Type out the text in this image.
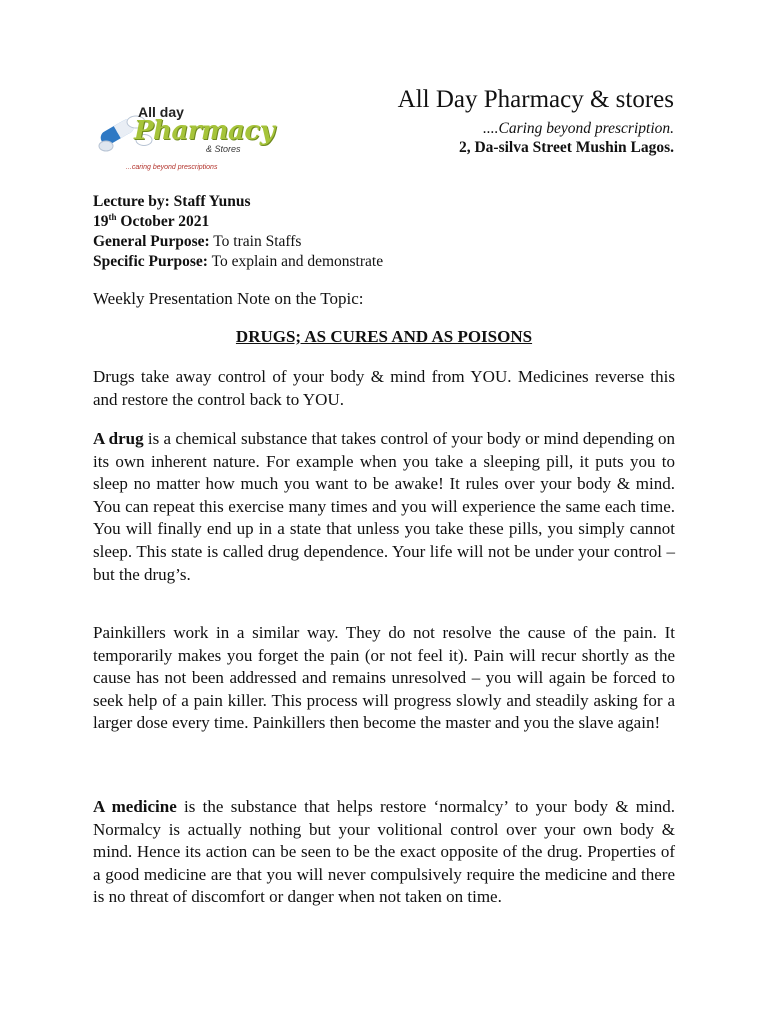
All day
Pharmacy
& Stores
...caring beyond prescriptions
All Day Pharmacy & stores
....Caring beyond prescription.
2, Da-silva Street Mushin Lagos.
Lecture by: Staff Yunus
19th October 2021
General Purpose: To train Staffs
Specific Purpose: To explain and demonstrate
Weekly Presentation Note on the Topic:
DRUGS; AS CURES AND AS POISONS

Drugs take away control of your body & mind from YOU. Medicines reverse this and restore the control back to YOU.

A drug is a chemical substance that takes control of your body or mind depending on its own inherent nature. For example when you take a sleeping pill, it puts you to sleep no matter how much you want to be awake! It rules over your body & mind. You can repeat this exercise many times and you will experience the same each time. You will finally end up in a state that unless you take these pills, you simply cannot sleep. This state is called drug dependence. Your life will not be under your control – but the drug’s.

Painkillers work in a similar way. They do not resolve the cause of the pain. It temporarily makes you forget the pain (or not feel it). Pain will recur shortly as the cause has not been addressed and remains unresolved – you will again be forced to seek help of a pain killer. This process will progress slowly and steadily asking for a larger dose every time. Painkillers then become the master and you the slave again!

A medicine is the substance that helps restore ‘normalcy’ to your body & mind. Normalcy is actually nothing but your volitional control over your own body & mind. Hence its action can be seen to be the exact opposite of the drug. Properties of a good medicine are that you will never compulsively require the medicine and there is no threat of discomfort or danger when not taken on time.
